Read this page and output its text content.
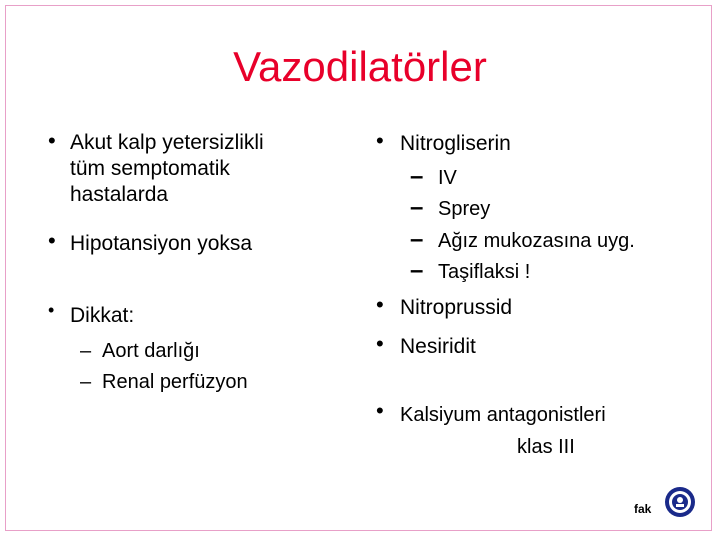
Vazodilatörler
• Akut kalp yetersizlikli
tüm semptomatik
hastalarda
• Hipotansiyon yoksa
• Dikkat:
– Aort darlığı
– Renal perfüzyon
• Nitrogliserin
– IV
– Sprey
– Ağız mukozasına uyg.
– Taşiflaksi !
• Nitroprussid
• Nesiridit
• Kalsiyum antagonistleri
klas III
fak
